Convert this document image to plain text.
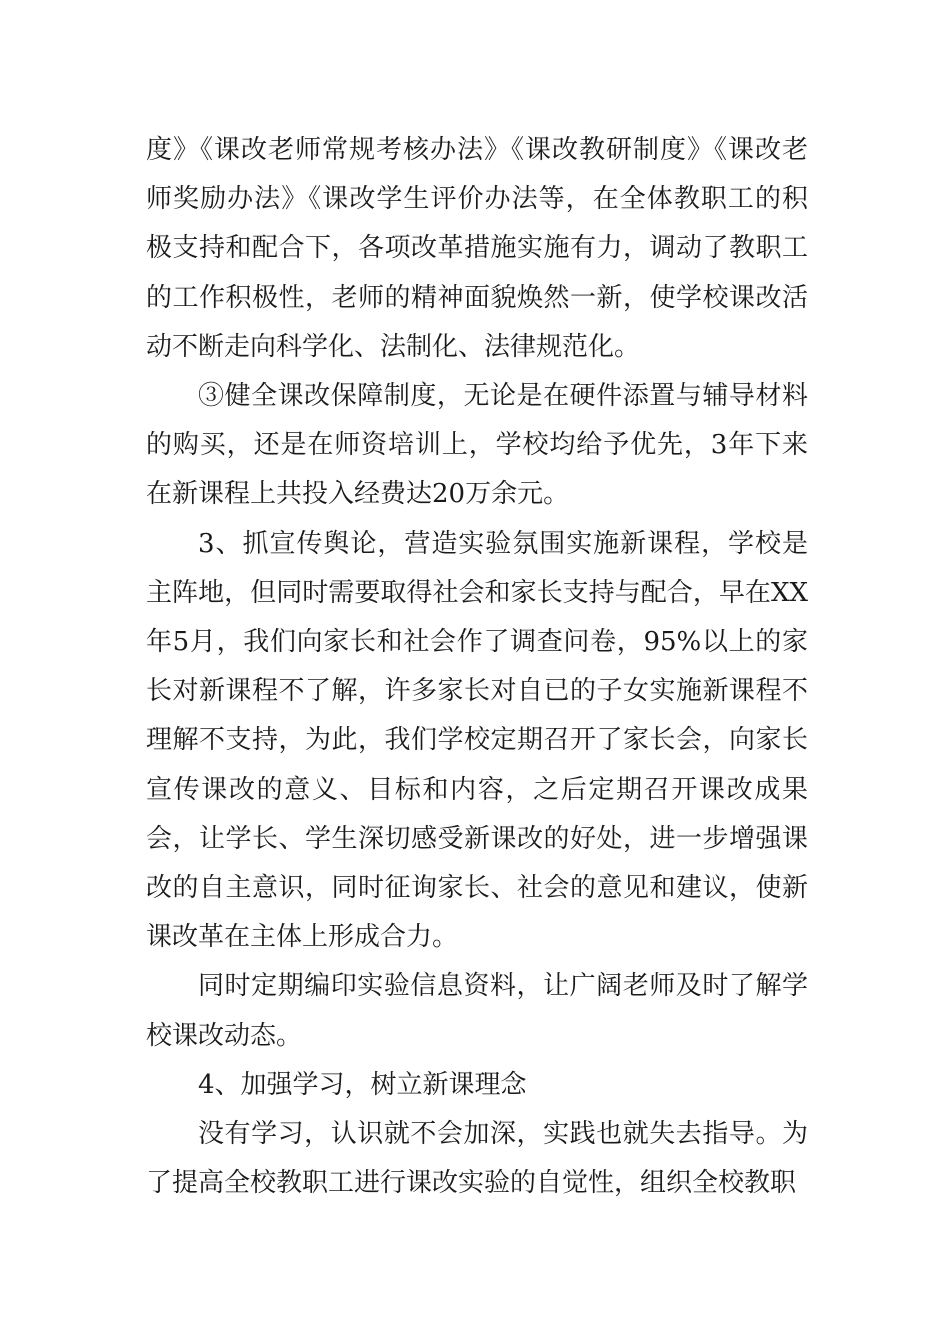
度》《课改老师常规考核办法》《课改教研制度》《课改老师奖励办法》《课改学生评价办法等，在全体教职工的积极支持和配合下，各项改革措施实施有力，调动了教职工的工作积极性，老师的精神面貌焕然一新，使学校课改活动不断走向科学化、法制化、法律规范化。

③健全课改保障制度，无论是在硬件添置与辅导材料的购买，还是在师资培训上，学校均给予优先，3年下来在新课程上共投入经费达20万余元。

3、抓宣传舆论，营造实验氛围实施新课程，学校是主阵地，但同时需要取得社会和家长支持与配合，早在XX年5月，我们向家长和社会作了调查问卷，95%以上的家长对新课程不了解，许多家长对自已的子女实施新课程不理解不支持，为此，我们学校定期召开了家长会，向家长宣传课改的意义、目标和内容，之后定期召开课改成果会，让学长、学生深切感受新课改的好处，进一步增强课改的自主意识，同时征询家长、社会的意见和建议，使新课改革在主体上形成合力。

同时定期编印实验信息资料，让广阔老师及时了解学校课改动态。

4、加强学习，树立新课理念

没有学习，认识就不会加深，实践也就失去指导。为了提高全校教职工进行课改实验的自觉性，组织全校教职
